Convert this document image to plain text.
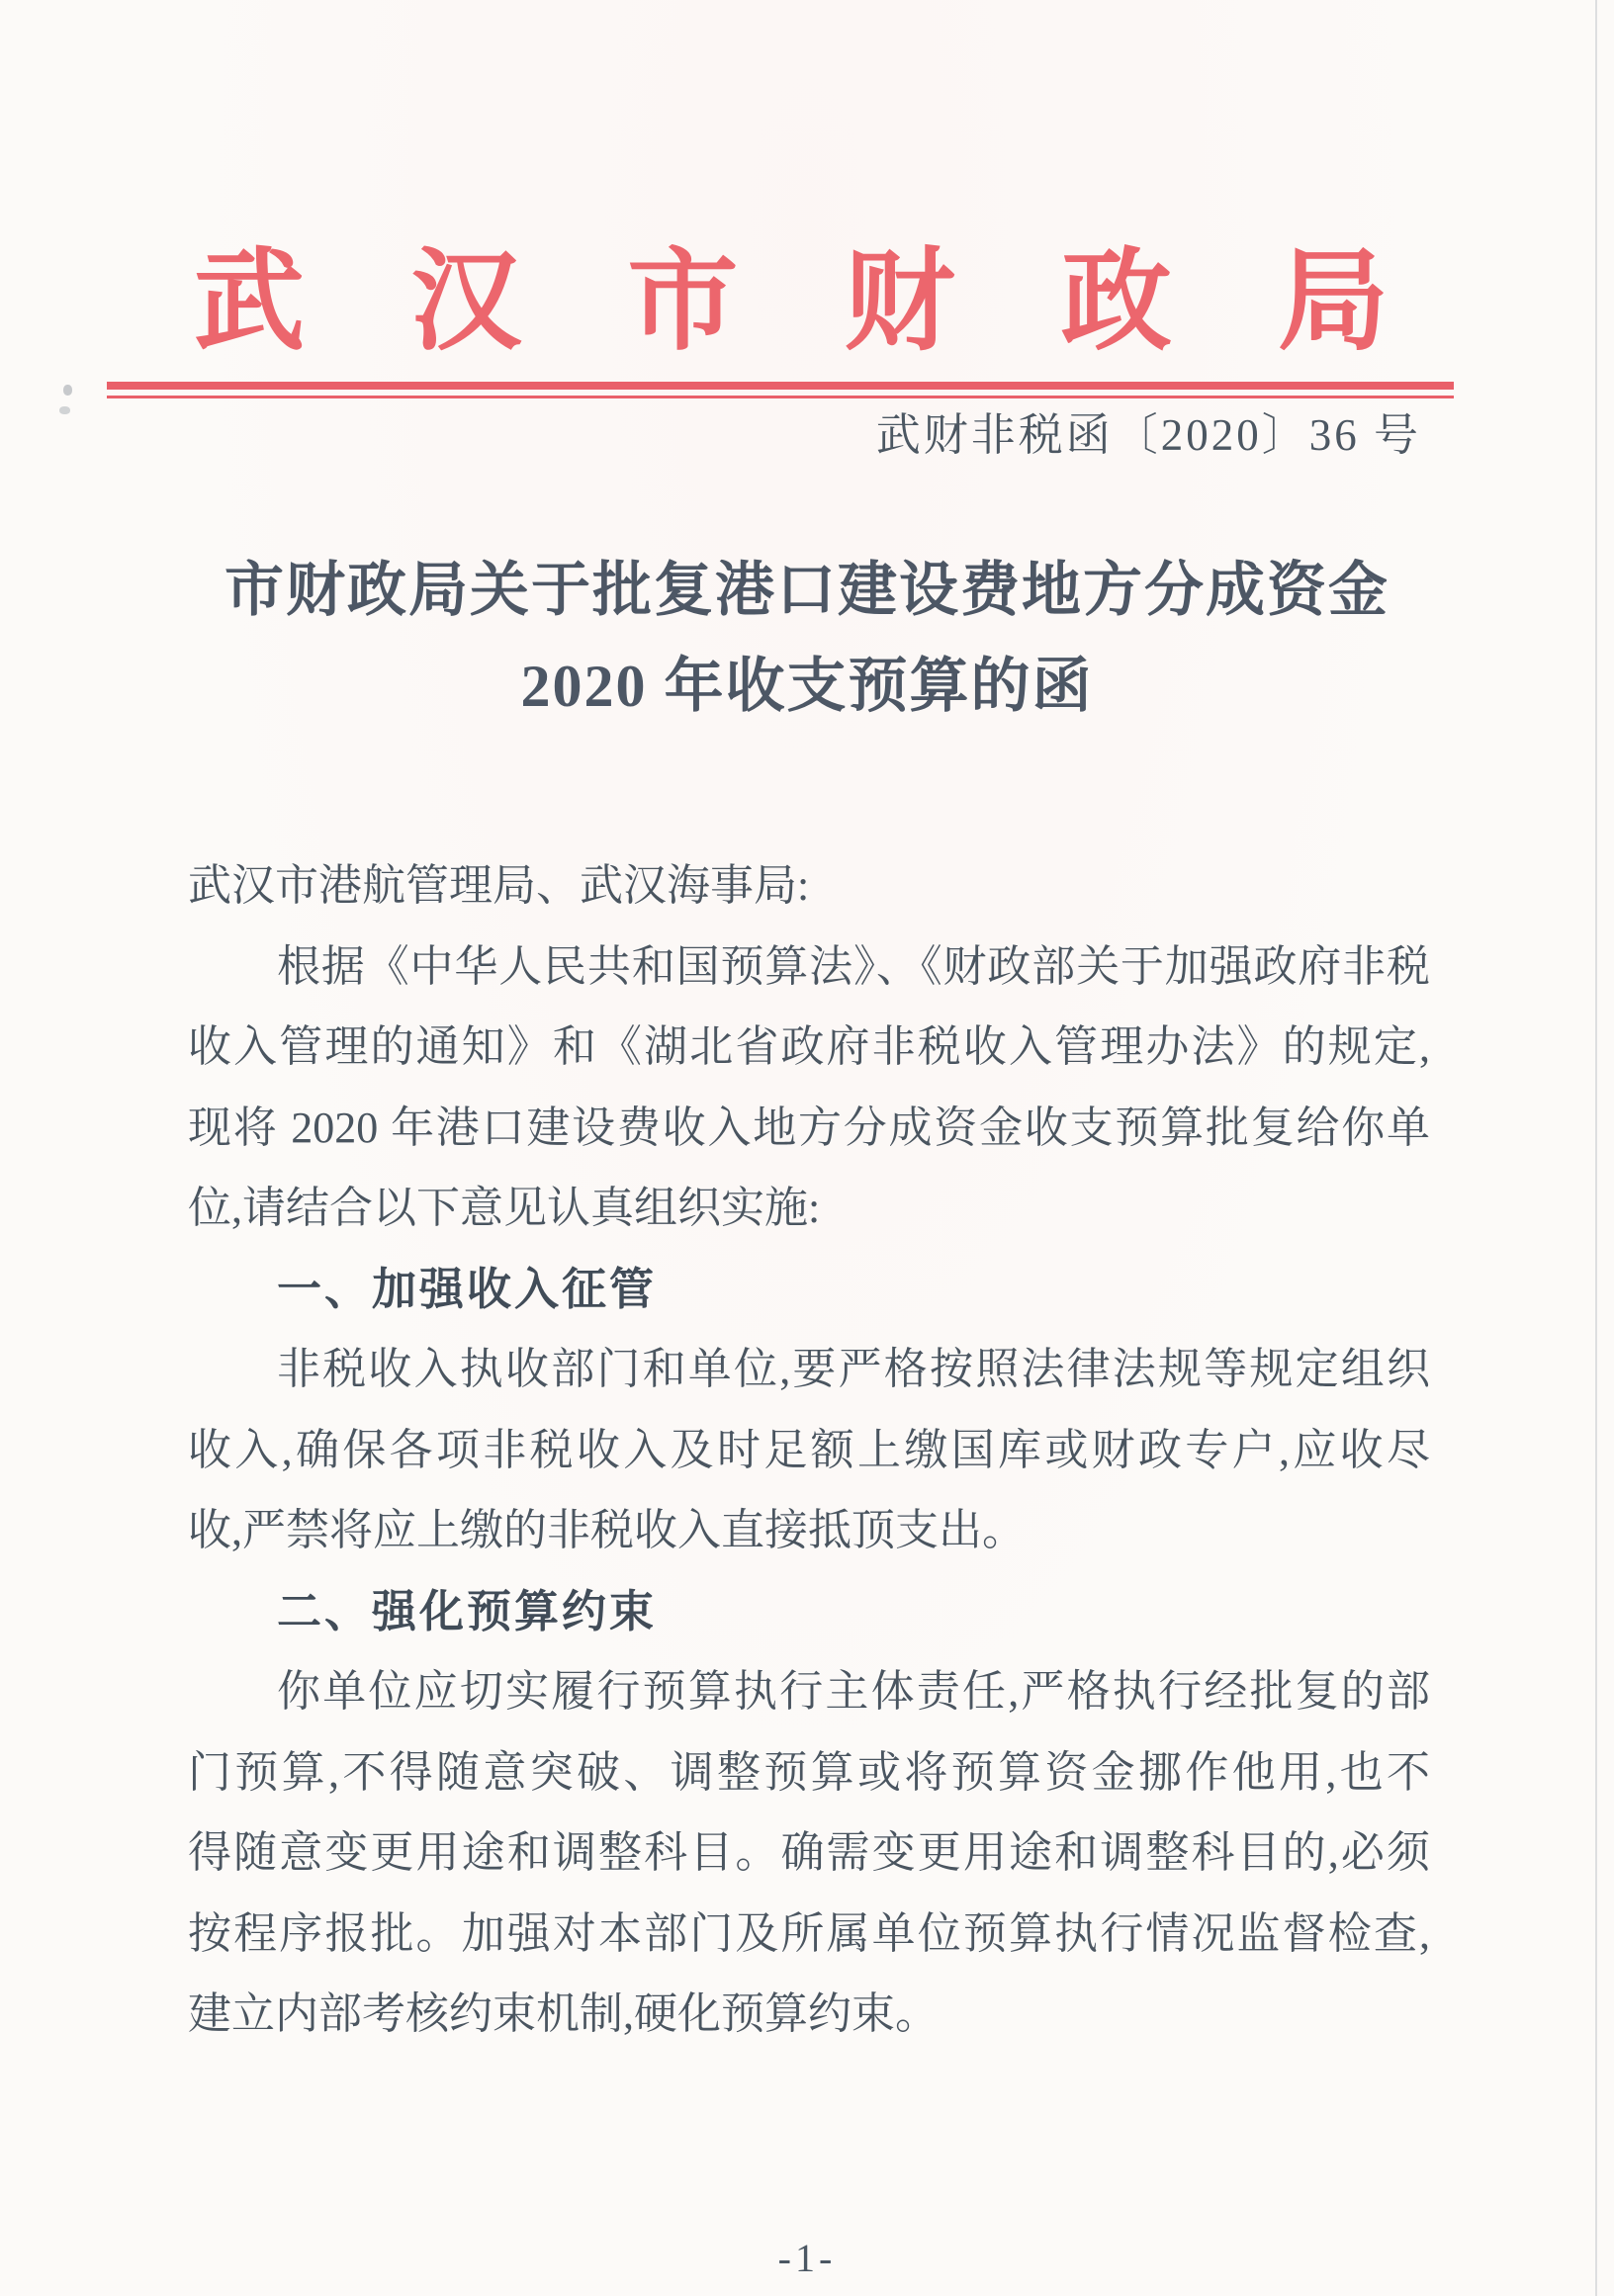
武 汉 市 财 政 局
武财非税函〔2020〕36 号
市财政局关于批复港口建设费地方分成资金
2020 年收支预算的函
武汉市港航管理局、武汉海事局:
根据《中华人民共和国预算法》、《财政部关于加强政府非税
收入管理的通知》和《湖北省政府非税收入管理办法》的规定,
现将 2020 年港口建设费收入地方分成资金收支预算批复给你单
位,请结合以下意见认真组织实施:
一、加强收入征管
非税收入执收部门和单位,要严格按照法律法规等规定组织
收入,确保各项非税收入及时足额上缴国库或财政专户,应收尽
收,严禁将应上缴的非税收入直接抵顶支出。
二、强化预算约束
你单位应切实履行预算执行主体责任,严格执行经批复的部
门预算,不得随意突破、调整预算或将预算资金挪作他用,也不
得随意变更用途和调整科目。确需变更用途和调整科目的,必须
按程序报批。加强对本部门及所属单位预算执行情况监督检查,
建立内部考核约束机制,硬化预算约束。
-1-
